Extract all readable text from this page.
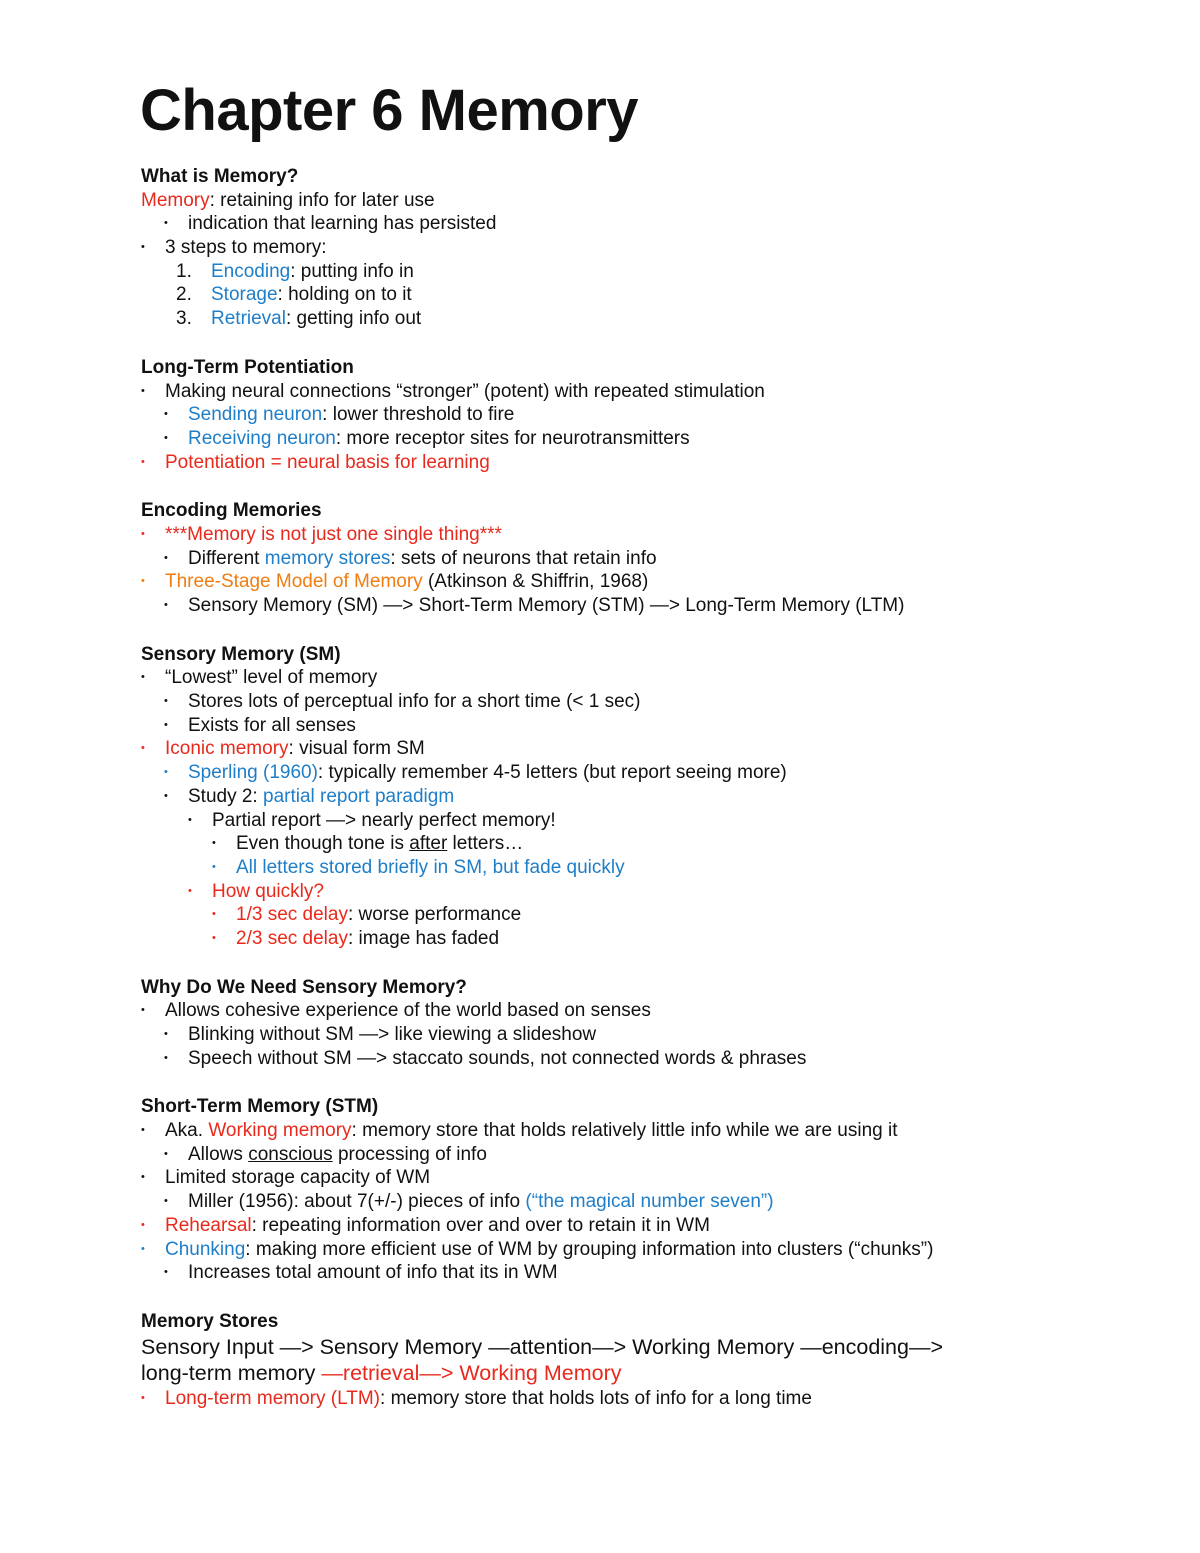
Chapter 6 Memory
What is Memory?
Memory: retaining info for later use
• indication that learning has persisted
• 3 steps to memory:
1. Encoding: putting info in
2. Storage: holding on to it
3. Retrieval: getting info out
Long-Term Potentiation
• Making neural connections “stronger” (potent) with repeated stimulation
• Sending neuron: lower threshold to fire
• Receiving neuron: more receptor sites for neurotransmitters
• Potentiation = neural basis for learning
Encoding Memories
• ***Memory is not just one single thing***
• Different memory stores: sets of neurons that retain info
• Three-Stage Model of Memory (Atkinson & Shiffrin, 1968)
• Sensory Memory (SM) —> Short-Term Memory (STM) —> Long-Term Memory (LTM)
Sensory Memory (SM)
• “Lowest” level of memory
• Stores lots of perceptual info for a short time (< 1 sec)
• Exists for all senses
• Iconic memory: visual form SM
• Sperling (1960): typically remember 4-5 letters (but report seeing more)
• Study 2: partial report paradigm
• Partial report —> nearly perfect memory!
• Even though tone is after letters…
• All letters stored briefly in SM, but fade quickly
• How quickly?
• 1/3 sec delay: worse performance
• 2/3 sec delay: image has faded
Why Do We Need Sensory Memory?
• Allows cohesive experience of the world based on senses
• Blinking without SM —> like viewing a slideshow
• Speech without SM —> staccato sounds, not connected words & phrases
Short-Term Memory (STM)
• Aka. Working memory: memory store that holds relatively little info while we are using it
• Allows conscious processing of info
• Limited storage capacity of WM
• Miller (1956): about 7(+/-) pieces of info (“the magical number seven”)
• Rehearsal: repeating information over and over to retain it in WM
• Chunking: making more efficient use of WM by grouping information into clusters (“chunks”)
• Increases total amount of info that its in WM
Memory Stores
Sensory Input —> Sensory Memory —attention—> Working Memory —encoding—>
long-term memory —retrieval—> Working Memory
• Long-term memory (LTM): memory store that holds lots of info for a long time
